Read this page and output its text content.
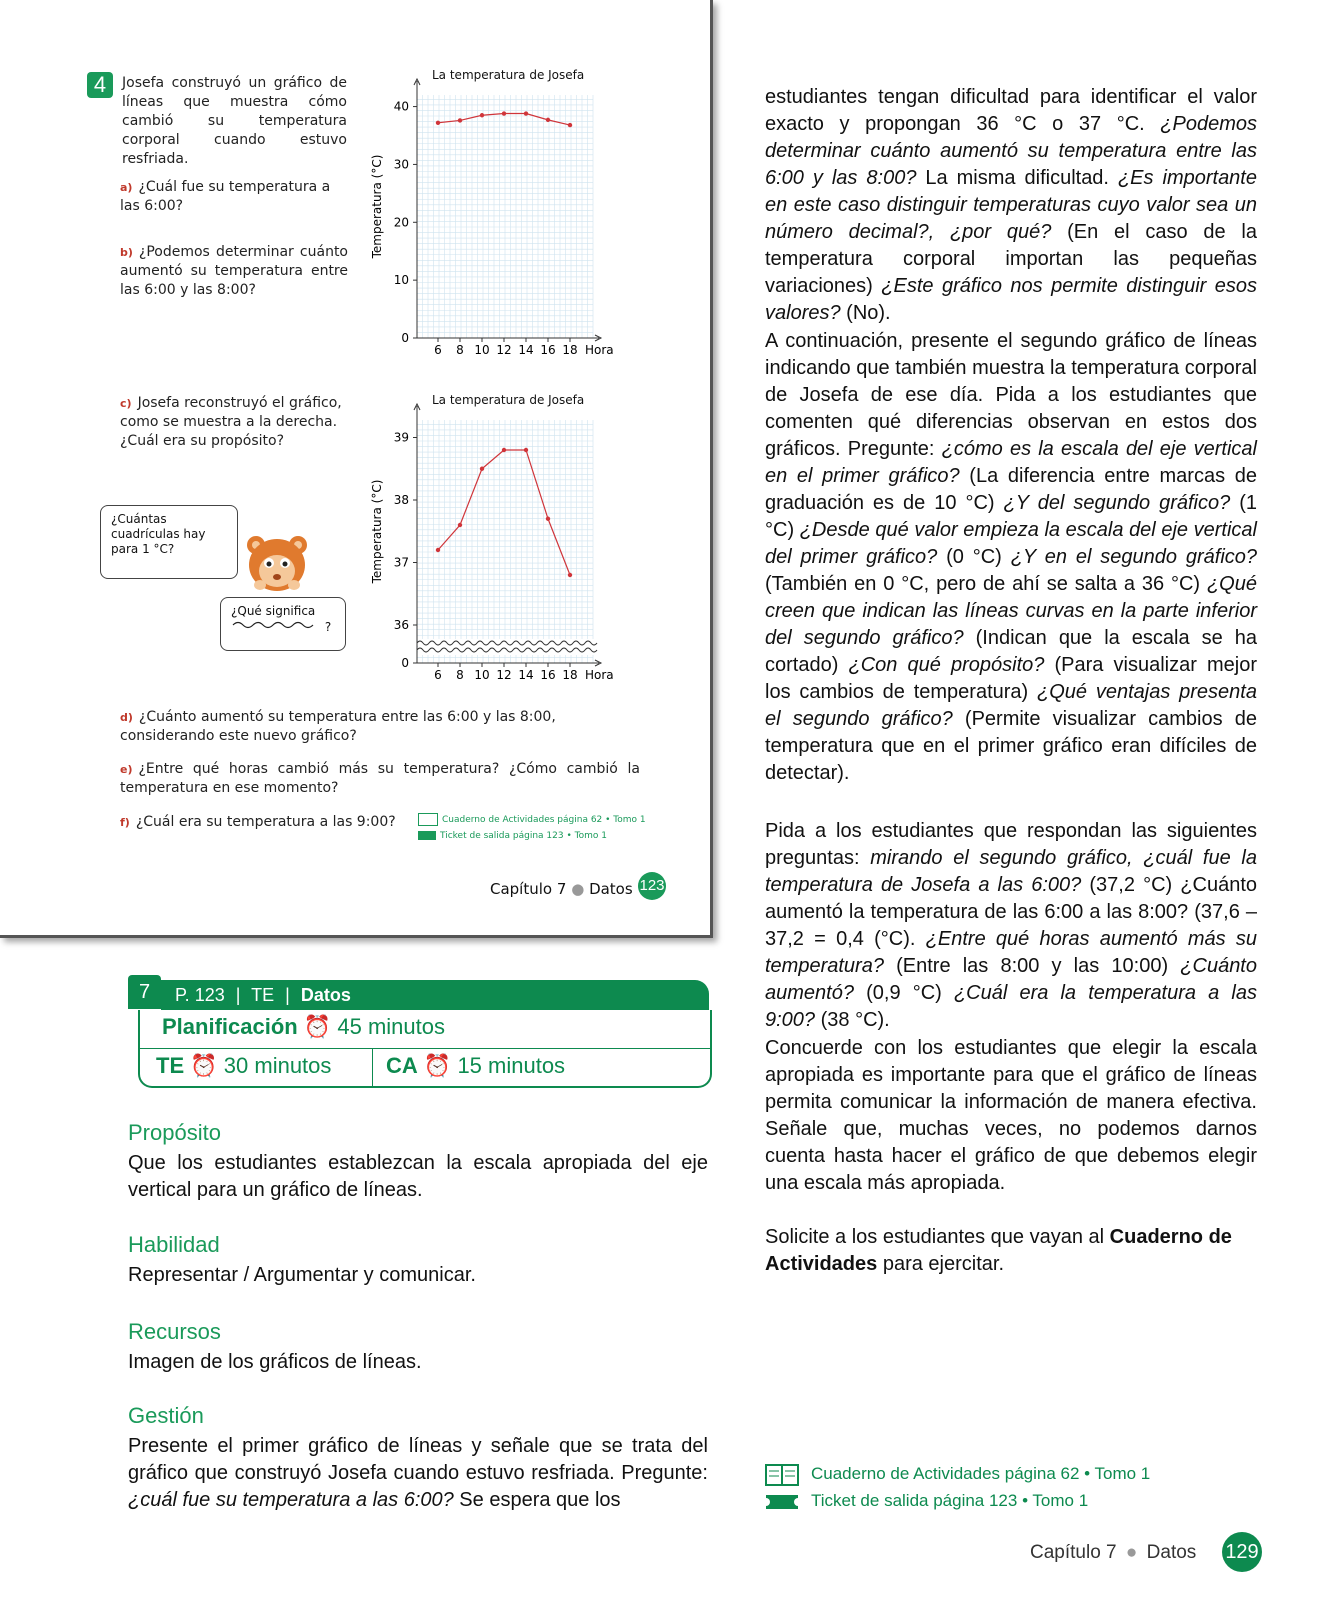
4	Josefa construyó un gráfico de líneas que muestra cómo cambió su temperatura corporal cuando estuvo resfriada.
a) ¿Cuál fue su temperatura a las 6:00?
b) ¿Podemos determinar cuánto aumentó su temperatura entre las 6:00 y las 8:00?
c) Josefa reconstruyó el gráfico, como se muestra a la derecha. ¿Cuál era su propósito?
¿Cuántas cuadrículas hay para 1 °C?
¿Qué significa
?
La temperatura de Josefa
6 8 10 12 14 16 18 Hora
Temperatura (°C)
0
10
20
30
40
La temperatura de Josefa
6 8 10 12 14 16 18 Hora
Temperatura (°C)
0
36
37
38
39
d) ¿Cuánto aumentó su temperatura entre las 6:00 y las 8:00, considerando este nuevo gráfico?
e) ¿Entre qué horas cambió más su temperatura? ¿Cómo cambió la temperatura en ese momento?
f) ¿Cuál era su temperatura a las 9:00?	Cuaderno de Actividades página 62 • Tomo 1
Ticket de salida página 123 • Tomo 1
Capítulo 7 ● Datos 123
7	P. 123 | TE | Datos
Planificación ⏰ 45 minutos
TE ⏰ 30 minutos CA ⏰ 15 minutos
Propósito
Que los estudiantes establezcan la escala apropiada del eje vertical para un gráfico de líneas.
Habilidad
Representar / Argumentar y comunicar.
Recursos
Imagen de los gráficos de líneas.
Gestión
Presente el primer gráfico de líneas y señale que se trata del gráfico que construyó Josefa cuando estuvo resfriada. Pregunte: ¿cuál fue su temperatura a las 6:00? Se espera que los
estudiantes tengan dificultad para identificar el valor exacto y propongan 36 °C o 37 °C. ¿Podemos determinar cuánto aumentó su temperatura entre las 6:00 y las 8:00? La misma dificultad. ¿Es importante en este caso distinguir temperaturas cuyo valor sea un número decimal?, ¿por qué? (En el caso de la temperatura corporal importan las pequeñas variaciones) ¿Este gráfico nos permite distinguir esos valores? (No).
A continuación, presente el segundo gráfico de líneas indicando que también muestra la temperatura corporal de Josefa de ese día. Pida a los estudiantes que comenten qué diferencias observan en estos dos gráficos. Pregunte: ¿cómo es la escala del eje vertical en el primer gráfico? (La diferencia entre marcas de graduación es de 10 °C) ¿Y del segundo gráfico? (1 °C) ¿Desde qué valor empieza la escala del eje vertical del primer gráfico? (0 °C) ¿Y en el segundo gráfico? (También en 0 °C, pero de ahí se salta a 36 °C) ¿Qué creen que indican las líneas curvas en la parte inferior del segundo gráfico? (Indican que la escala se ha cortado) ¿Con qué propósito? (Para visualizar mejor los cambios de temperatura) ¿Qué ventajas presenta el segundo gráfico? (Permite visualizar cambios de temperatura que en el primer gráfico eran difíciles de detectar).
Pida a los estudiantes que respondan las siguientes preguntas: mirando el segundo gráfico, ¿cuál fue la temperatura de Josefa a las 6:00? (37,2 °C) ¿Cuánto aumentó la temperatura de las 6:00 a las 8:00? (37,6 – 37,2 = 0,4 (°C). ¿Entre qué horas aumentó más su temperatura? (Entre las 8:00 y las 10:00) ¿Cuánto aumentó? (0,9 °C) ¿Cuál era la temperatura a las 9:00? (38 °C).
Concuerde con los estudiantes que elegir la escala apropiada es importante para que el gráfico de líneas permita comunicar la información de manera efectiva. Señale que, muchas veces, no podemos darnos cuenta hasta hacer el gráfico de que debemos elegir una escala más apropiada.
Solicite a los estudiantes que vayan al Cuaderno de Actividades para ejercitar.
Cuaderno de Actividades página 62 • Tomo 1
Ticket de salida página 123 • Tomo 1
Capítulo 7 ● Datos 129
